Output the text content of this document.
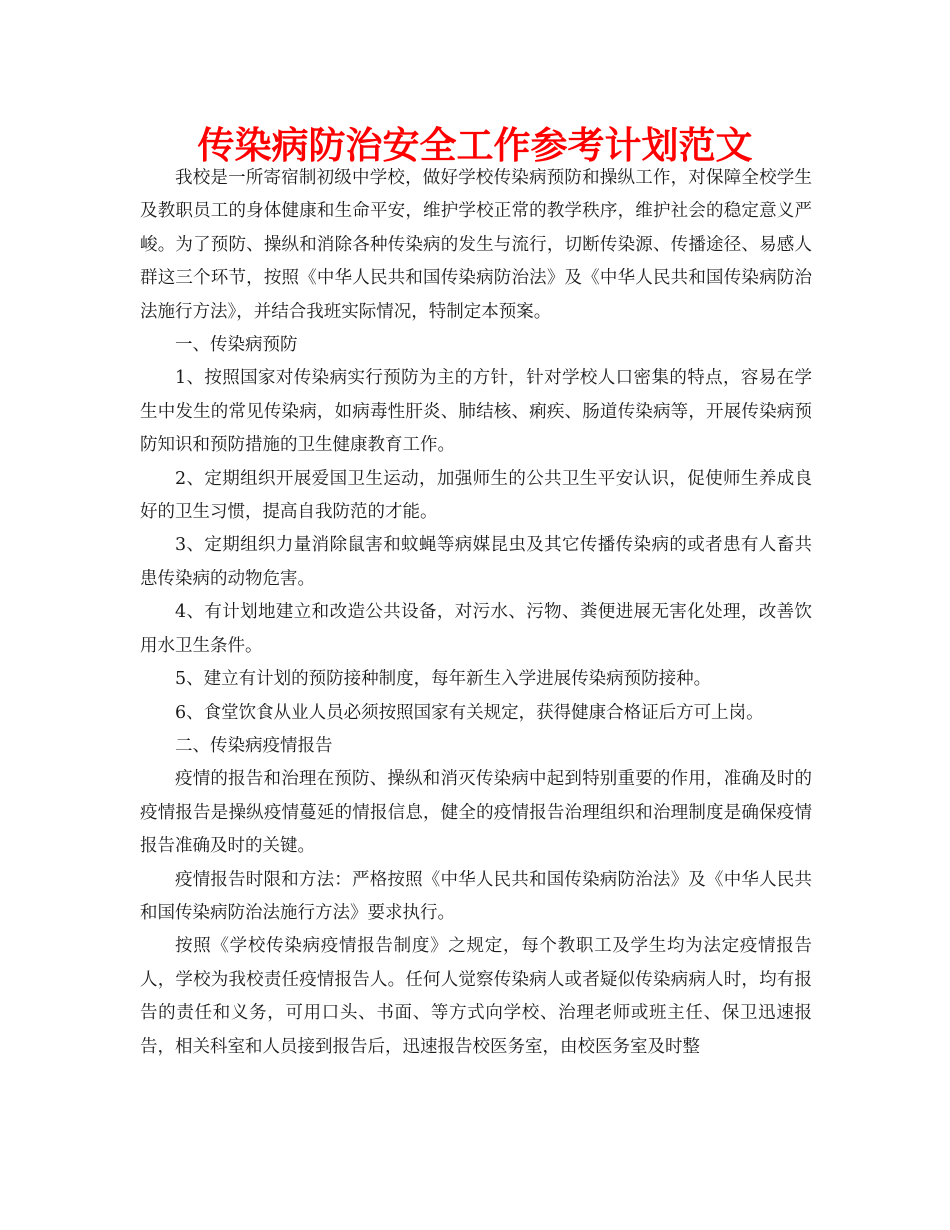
传染病防治安全工作参考计划范文

我校是一所寄宿制初级中学校，做好学校传染病预防和操纵工作，对保障全校学生及教职员工的身体健康和生命平安，维护学校正常的教学秩序，维护社会的稳定意义严峻。为了预防、操纵和消除各种传染病的发生与流行，切断传染源、传播途径、易感人群这三个环节，按照《中华人民共和国传染病防治法》及《中华人民共和国传染病防治法施行方法》，并结合我班实际情况，特制定本预案。

一、传染病预防

1、按照国家对传染病实行预防为主的方针，针对学校人口密集的特点，容易在学生中发生的常见传染病，如病毒性肝炎、肺结核、痢疾、肠道传染病等，开展传染病预防知识和预防措施的卫生健康教育工作。

2、定期组织开展爱国卫生运动，加强师生的公共卫生平安认识，促使师生养成良好的卫生习惯，提高自我防范的才能。

3、定期组织力量消除鼠害和蚊蝇等病媒昆虫及其它传播传染病的或者患有人畜共患传染病的动物危害。

4、有计划地建立和改造公共设备，对污水、污物、粪便进展无害化处理，改善饮用水卫生条件。

5、建立有计划的预防接种制度，每年新生入学进展传染病预防接种。

6、食堂饮食从业人员必须按照国家有关规定，获得健康合格证后方可上岗。

二、传染病疫情报告

疫情的报告和治理在预防、操纵和消灭传染病中起到特别重要的作用，准确及时的疫情报告是操纵疫情蔓延的情报信息，健全的疫情报告治理组织和治理制度是确保疫情报告准确及时的关键。

疫情报告时限和方法：严格按照《中华人民共和国传染病防治法》及《中华人民共和国传染病防治法施行方法》要求执行。

按照《学校传染病疫情报告制度》之规定，每个教职工及学生均为法定疫情报告人，学校为我校责任疫情报告人。任何人觉察传染病人或者疑似传染病病人时，均有报告的责任和义务，可用口头、书面、等方式向学校、治理老师或班主任、保卫迅速报告，相关科室和人员接到报告后，迅速报告校医务室，由校医务室及时整
